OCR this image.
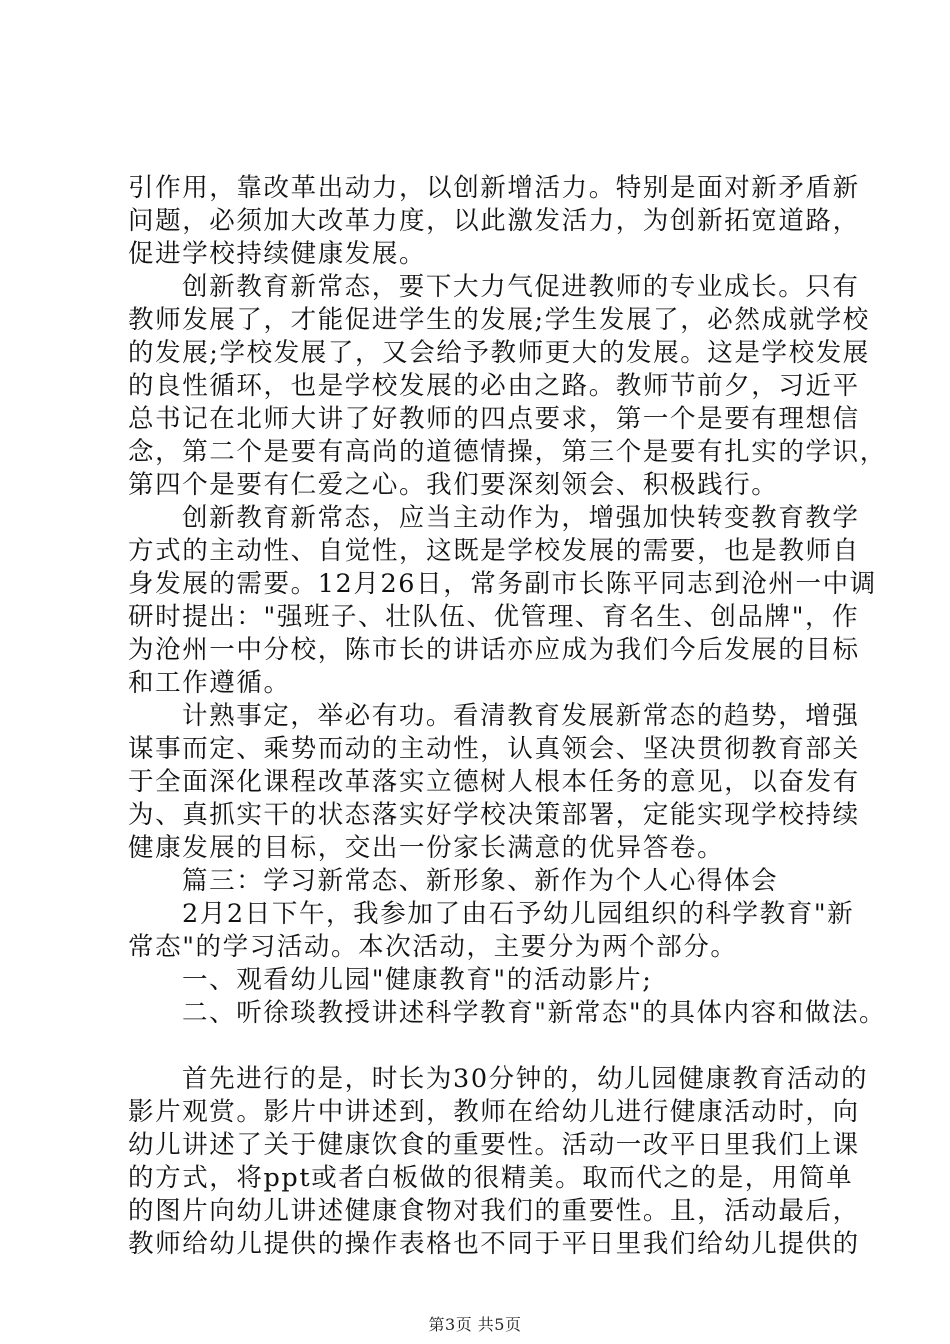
引作用，靠改革出动力，以创新增活力。特别是面对新矛盾新
问题，必须加大改革力度，以此激发活力，为创新拓宽道路，
促进学校持续健康发展。
创新教育新常态，要下大力气促进教师的专业成长。只有
教师发展了，才能促进学生的发展;学生发展了，必然成就学校
的发展;学校发展了，又会给予教师更大的发展。这是学校发展
的良性循环，也是学校发展的必由之路。教师节前夕，习近平
总书记在北师大讲了好教师的四点要求，第一个是要有理想信
念，第二个是要有高尚的道德情操，第三个是要有扎实的学识，
第四个是要有仁爱之心。我们要深刻领会、积极践行。
创新教育新常态，应当主动作为，增强加快转变教育教学
方式的主动性、自觉性，这既是学校发展的需要，也是教师自
身发展的需要。12月26日，常务副市长陈平同志到沧州一中调
研时提出："强班子、壮队伍、优管理、育名生、创品牌"，作
为沧州一中分校，陈市长的讲话亦应成为我们今后发展的目标
和工作遵循。
计熟事定，举必有功。看清教育发展新常态的趋势，增强
谋事而定、乘势而动的主动性，认真领会、坚决贯彻教育部关
于全面深化课程改革落实立德树人根本任务的意见，以奋发有
为、真抓实干的状态落实好学校决策部署，定能实现学校持续
健康发展的目标，交出一份家长满意的优异答卷。
篇三：学习新常态、新形象、新作为个人心得体会
2月2日下午，我参加了由石予幼儿园组织的科学教育"新
常态"的学习活动。本次活动，主要分为两个部分。
一、观看幼儿园"健康教育"的活动影片;
二、听徐琰教授讲述科学教育"新常态"的具体内容和做法。
首先进行的是，时长为30分钟的，幼儿园健康教育活动的
影片观赏。影片中讲述到，教师在给幼儿进行健康活动时，向
幼儿讲述了关于健康饮食的重要性。活动一改平日里我们上课
的方式，将ppt或者白板做的很精美。取而代之的是，用简单
的图片向幼儿讲述健康食物对我们的重要性。且，活动最后，
教师给幼儿提供的操作表格也不同于平日里我们给幼儿提供的
第3页 共5页
